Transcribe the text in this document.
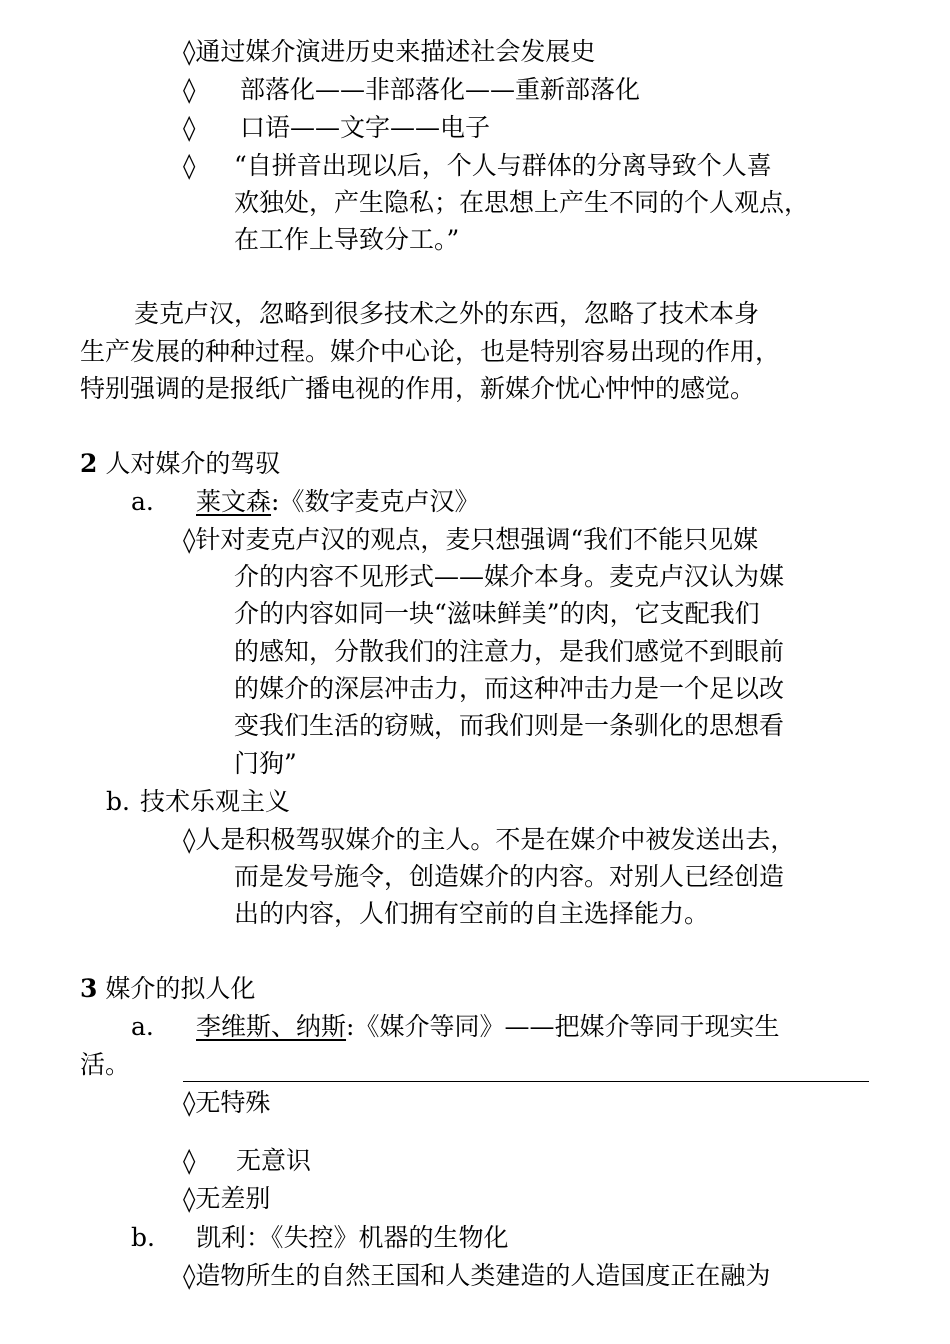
◊通过媒介演进历史来描述社会发展史

◊ 部落化——非部落化——重新部落化
◊ 口语——文字——电子
◊ “自拼音出现以后，个人与群体的分离导致个人喜

欢独处，产生隐私；在思想上产生不同的个人观点，

在工作上导致分工。”

麦克卢汉，忽略到很多技术之外的东西，忽略了技术本身

生产发展的种种过程。媒介中心论，也是特别容易出现的作用，

特别强调的是报纸广播电视的作用，新媒介忧心忡忡的感觉。

2 人对媒介的驾驭

a. 莱文森:《数字麦克卢汉》

◊针对麦克卢汉的观点，麦只想强调“我们不能只见媒

介的内容不见形式——媒介本身。麦克卢汉认为媒

介的内容如同一块“滋味鲜美”的肉，它支配我们

的感知，分散我们的注意力，是我们感觉不到眼前

的媒介的深层冲击力，而这种冲击力是一个足以改

变我们生活的窃贼，而我们则是一条驯化的思想看

门狗”

b. 技术乐观主义

◊人是积极驾驭媒介的主人。不是在媒介中被发送出去，

而是发号施令，创造媒介的内容。对别人已经创造

出的内容，人们拥有空前的自主选择能力。

3 媒介的拟人化

a. 李维斯、纳斯:《媒介等同》——把媒介等同于现实生

活。

◊无特殊

◊ 无意识

◊无差别

b. 凯利：《失控》机器的生物化

◊造物所生的自然王国和人类建造的人造国度正在融为
